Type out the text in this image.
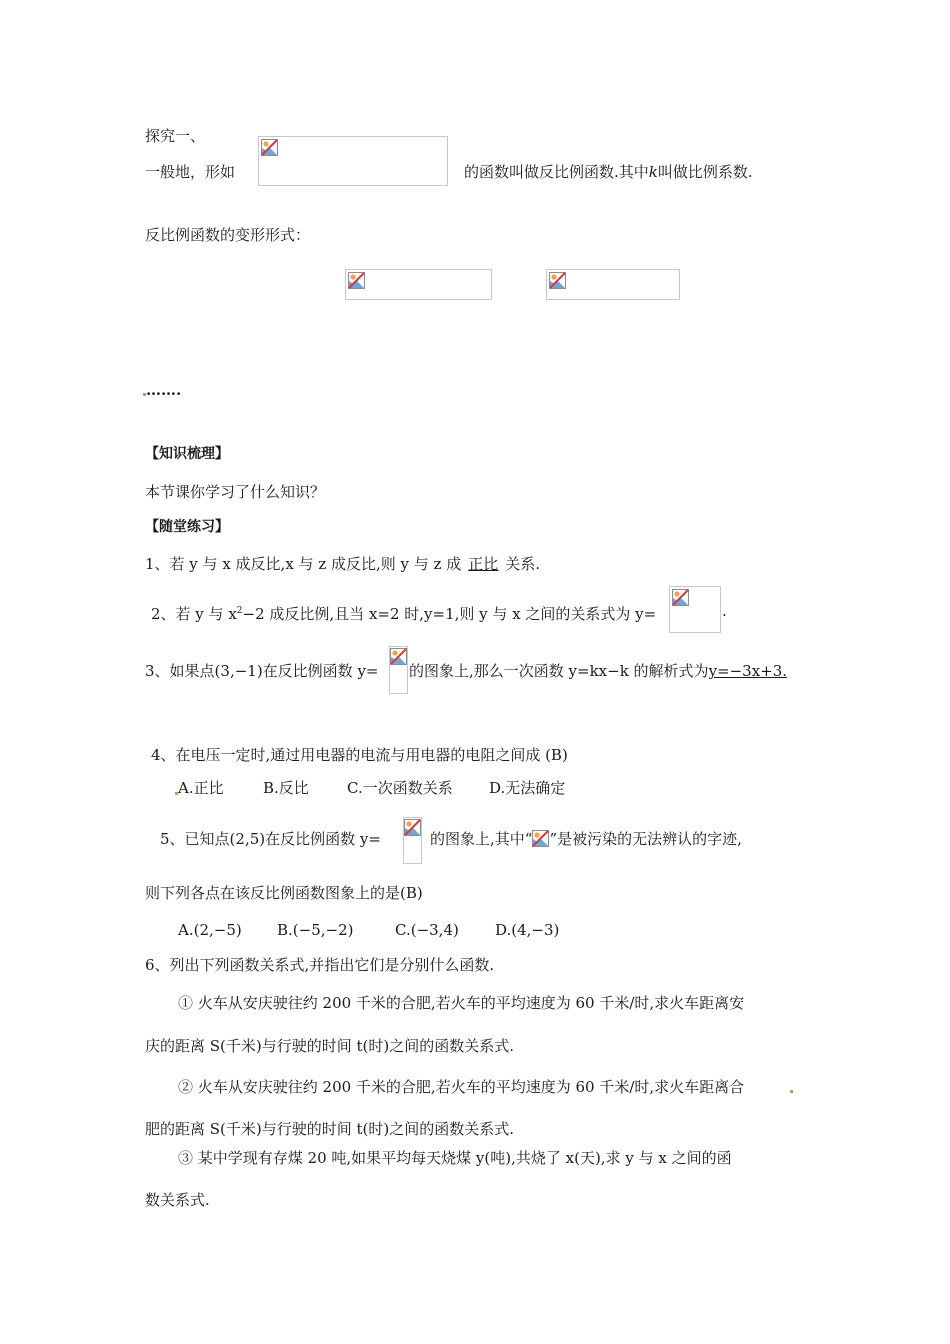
探究一、
一般地，形如	的函数叫做反比例函数.其中k叫做比例系数.
反比例函数的变形形式：
…….
【知识梳理】
本节课你学习了什么知识？
【随堂练习】
1、若 y 与 x 成反比,x 与 z 成反比,则 y 与 z 成 正比 关系.
2、若 y 与 $x^2-2$ 成反比例,且当 x=2 时,y=1,则 y 与 x 之间的关系式为 y=	.
3、如果点(3,−1)在反比例函数 y= 的图象上,那么一次函数 y=kx−k 的解析式为y=−3x+3.
4、在电压一定时,通过用电器的电流与用电器的电阻之间成 (B)
A.正比	B.反比	C.一次函数关系 D.无法确定
5、已知点(2,5)在反比例函数 y=	的图象上,其中“ ”是被污染的无法辨认的字迹,
则下列各点在该反比例函数图象上的是(B)
A.(2,−5) B.(−5,−2)	C.(−3,4) D.(4,−3)
6、列出下列函数关系式,并指出它们是分别什么函数.
① 火车从安庆驶往约 200 千米的合肥,若火车的平均速度为 60 千米/时,求火车距离安
庆的距离 S(千米)与行驶的时间 t(时)之间的函数关系式.
② 火车从安庆驶往约 200 千米的合肥,若火车的平均速度为 60 千米/时,求火车距离合
肥的距离 S(千米)与行驶的时间 t(时)之间的函数关系式.
③ 某中学现有存煤 20 吨,如果平均每天烧煤 y(吨),共烧了 x(天),求 y 与 x 之间的函
数关系式.
